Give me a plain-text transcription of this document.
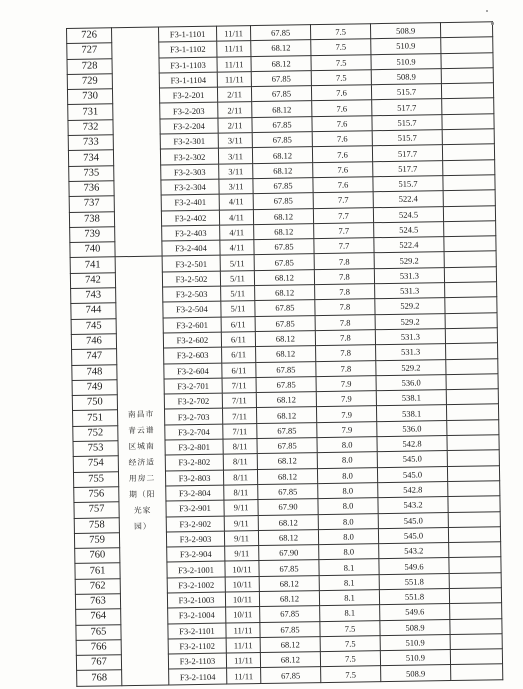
726		F3-1-1101	11/11	67.85	7.5	508.9	
727		F3-1-1102	11/11	68.12	7.5	510.9	
728		F3-1-1103	11/11	68.12	7.5	510.9	
729		F3-1-1104	11/11	67.85	7.5	508.9	
730		F3-2-201	2/11	67.85	7.6	515.7	
731		F3-2-203	2/11	68.12	7.6	517.7	
732		F3-2-204	2/11	67.85	7.6	515.7	
733		F3-2-301	3/11	67.85	7.6	515.7	
734		F3-2-302	3/11	68.12	7.6	517.7	
735		F3-2-303	3/11	68.12	7.6	517.7	
736		F3-2-304	3/11	67.85	7.6	515.7	
737		F3-2-401	4/11	67.85	7.7	522.4	
738		F3-2-402	4/11	68.12	7.7	524.5	
739		F3-2-403	4/11	68.12	7.7	524.5	
740		F3-2-404	4/11	67.85	7.7	522.4	
741	南昌市青云谱区城南经济适用房二期（阳光家园）	F3-2-501	5/11	67.85	7.8	529.2	
742		F3-2-502	5/11	68.12	7.8	531.3	
743		F3-2-503	5/11	68.12	7.8	531.3	
744		F3-2-504	5/11	67.85	7.8	529.2	
745		F3-2-601	6/11	67.85	7.8	529.2	
746		F3-2-602	6/11	68.12	7.8	531.3	
747		F3-2-603	6/11	68.12	7.8	531.3	
748		F3-2-604	6/11	67.85	7.8	529.2	
749		F3-2-701	7/11	67.85	7.9	536.0	
750		F3-2-702	7/11	68.12	7.9	538.1	
751		F3-2-703	7/11	68.12	7.9	538.1	
752		F3-2-704	7/11	67.85	7.9	536.0	
753		F3-2-801	8/11	67.85	8.0	542.8	
754		F3-2-802	8/11	68.12	8.0	545.0	
755		F3-2-803	8/11	68.12	8.0	545.0	
756		F3-2-804	8/11	67.85	8.0	542.8	
757		F3-2-901	9/11	67.90	8.0	543.2	
758		F3-2-902	9/11	68.12	8.0	545.0	
759		F3-2-903	9/11	68.12	8.0	545.0	
760		F3-2-904	9/11	67.90	8.0	543.2	
761		F3-2-1001	10/11	67.85	8.1	549.6	
762		F3-2-1002	10/11	68.12	8.1	551.8	
763		F3-2-1003	10/11	68.12	8.1	551.8	
764		F3-2-1004	10/11	67.85	8.1	549.6	
765		F3-2-1101	11/11	67.85	7.5	508.9	
766		F3-2-1102	11/11	68.12	7.5	510.9	
767		F3-2-1103	11/11	68.12	7.5	510.9	
768		F3-2-1104	11/11	67.85	7.5	508.9	
